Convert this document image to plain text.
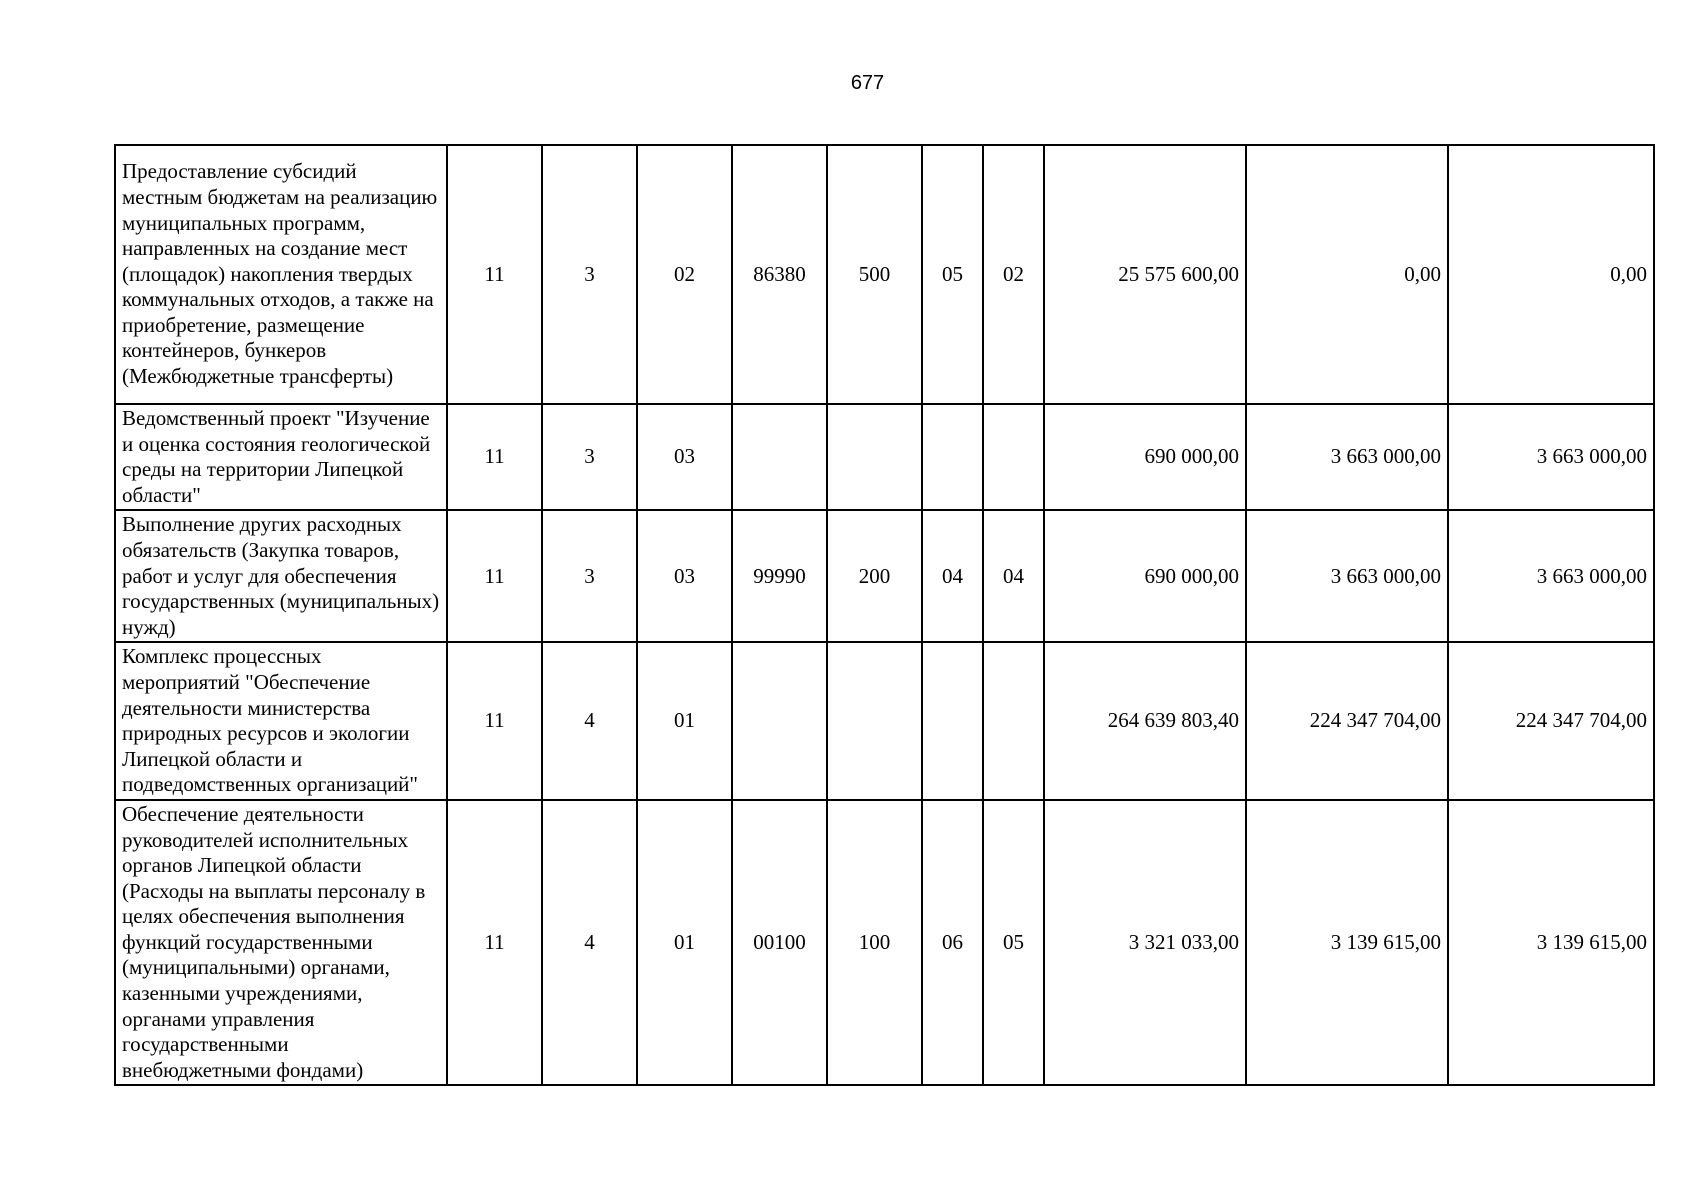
677
Предоставление субсидий местным бюджетам на реализацию муниципальных программ, направленных на создание мест (площадок) накопления твердых коммунальных отходов, а также на приобретение, размещение контейнеров, бункеров (Межбюджетные трансферты)	11	3	02	86380	500	05	02	25 575 600,00	0,00	0,00
Ведомственный проект "Изучение и оценка состояния геологической среды на территории Липецкой области"	11	3	03					690 000,00	3 663 000,00	3 663 000,00
Выполнение других расходных обязательств (Закупка товаров, работ и услуг для обеспечения государственных (муниципальных) нужд)	11	3	03	99990	200	04	04	690 000,00	3 663 000,00	3 663 000,00
Комплекс процессных мероприятий "Обеспечение деятельности министерства природных ресурсов и экологии Липецкой области и подведомственных организаций"	11	4	01					264 639 803,40	224 347 704,00	224 347 704,00
Обеспечение деятельности руководителей исполнительных органов Липецкой области (Расходы на выплаты персоналу в целях обеспечения выполнения функций государственными (муниципальными) органами, казенными учреждениями, органами управления государственными внебюджетными фондами)	11	4	01	00100	100	06	05	3 321 033,00	3 139 615,00	3 139 615,00
